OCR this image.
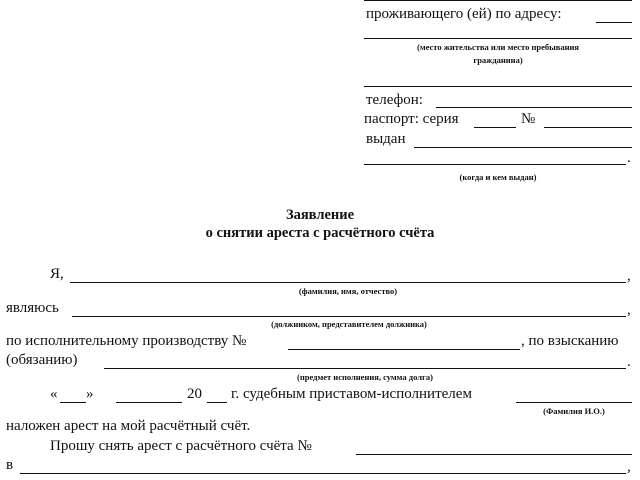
проживающего (ей) по адресу:
(место жительства или место пребывания
гражданина)
телефон:
паспорт: серия	№
выдан
.
(когда и кем выдан)
Заявление
о снятии ареста с расчётного счёта
Я,	,
(фамилия, имя, отчество)
являюсь	,
(должником, представителем должника)
по исполнительному производству №	, по взысканию
(обязанию)	.
(предмет исполнения, сумма долга)
« »	20 г. судебным приставом-исполнителем
(Фамилия И.О.)
наложен арест на мой расчётный счёт.
Прошу снять арест с расчётного счёта №
в	,
